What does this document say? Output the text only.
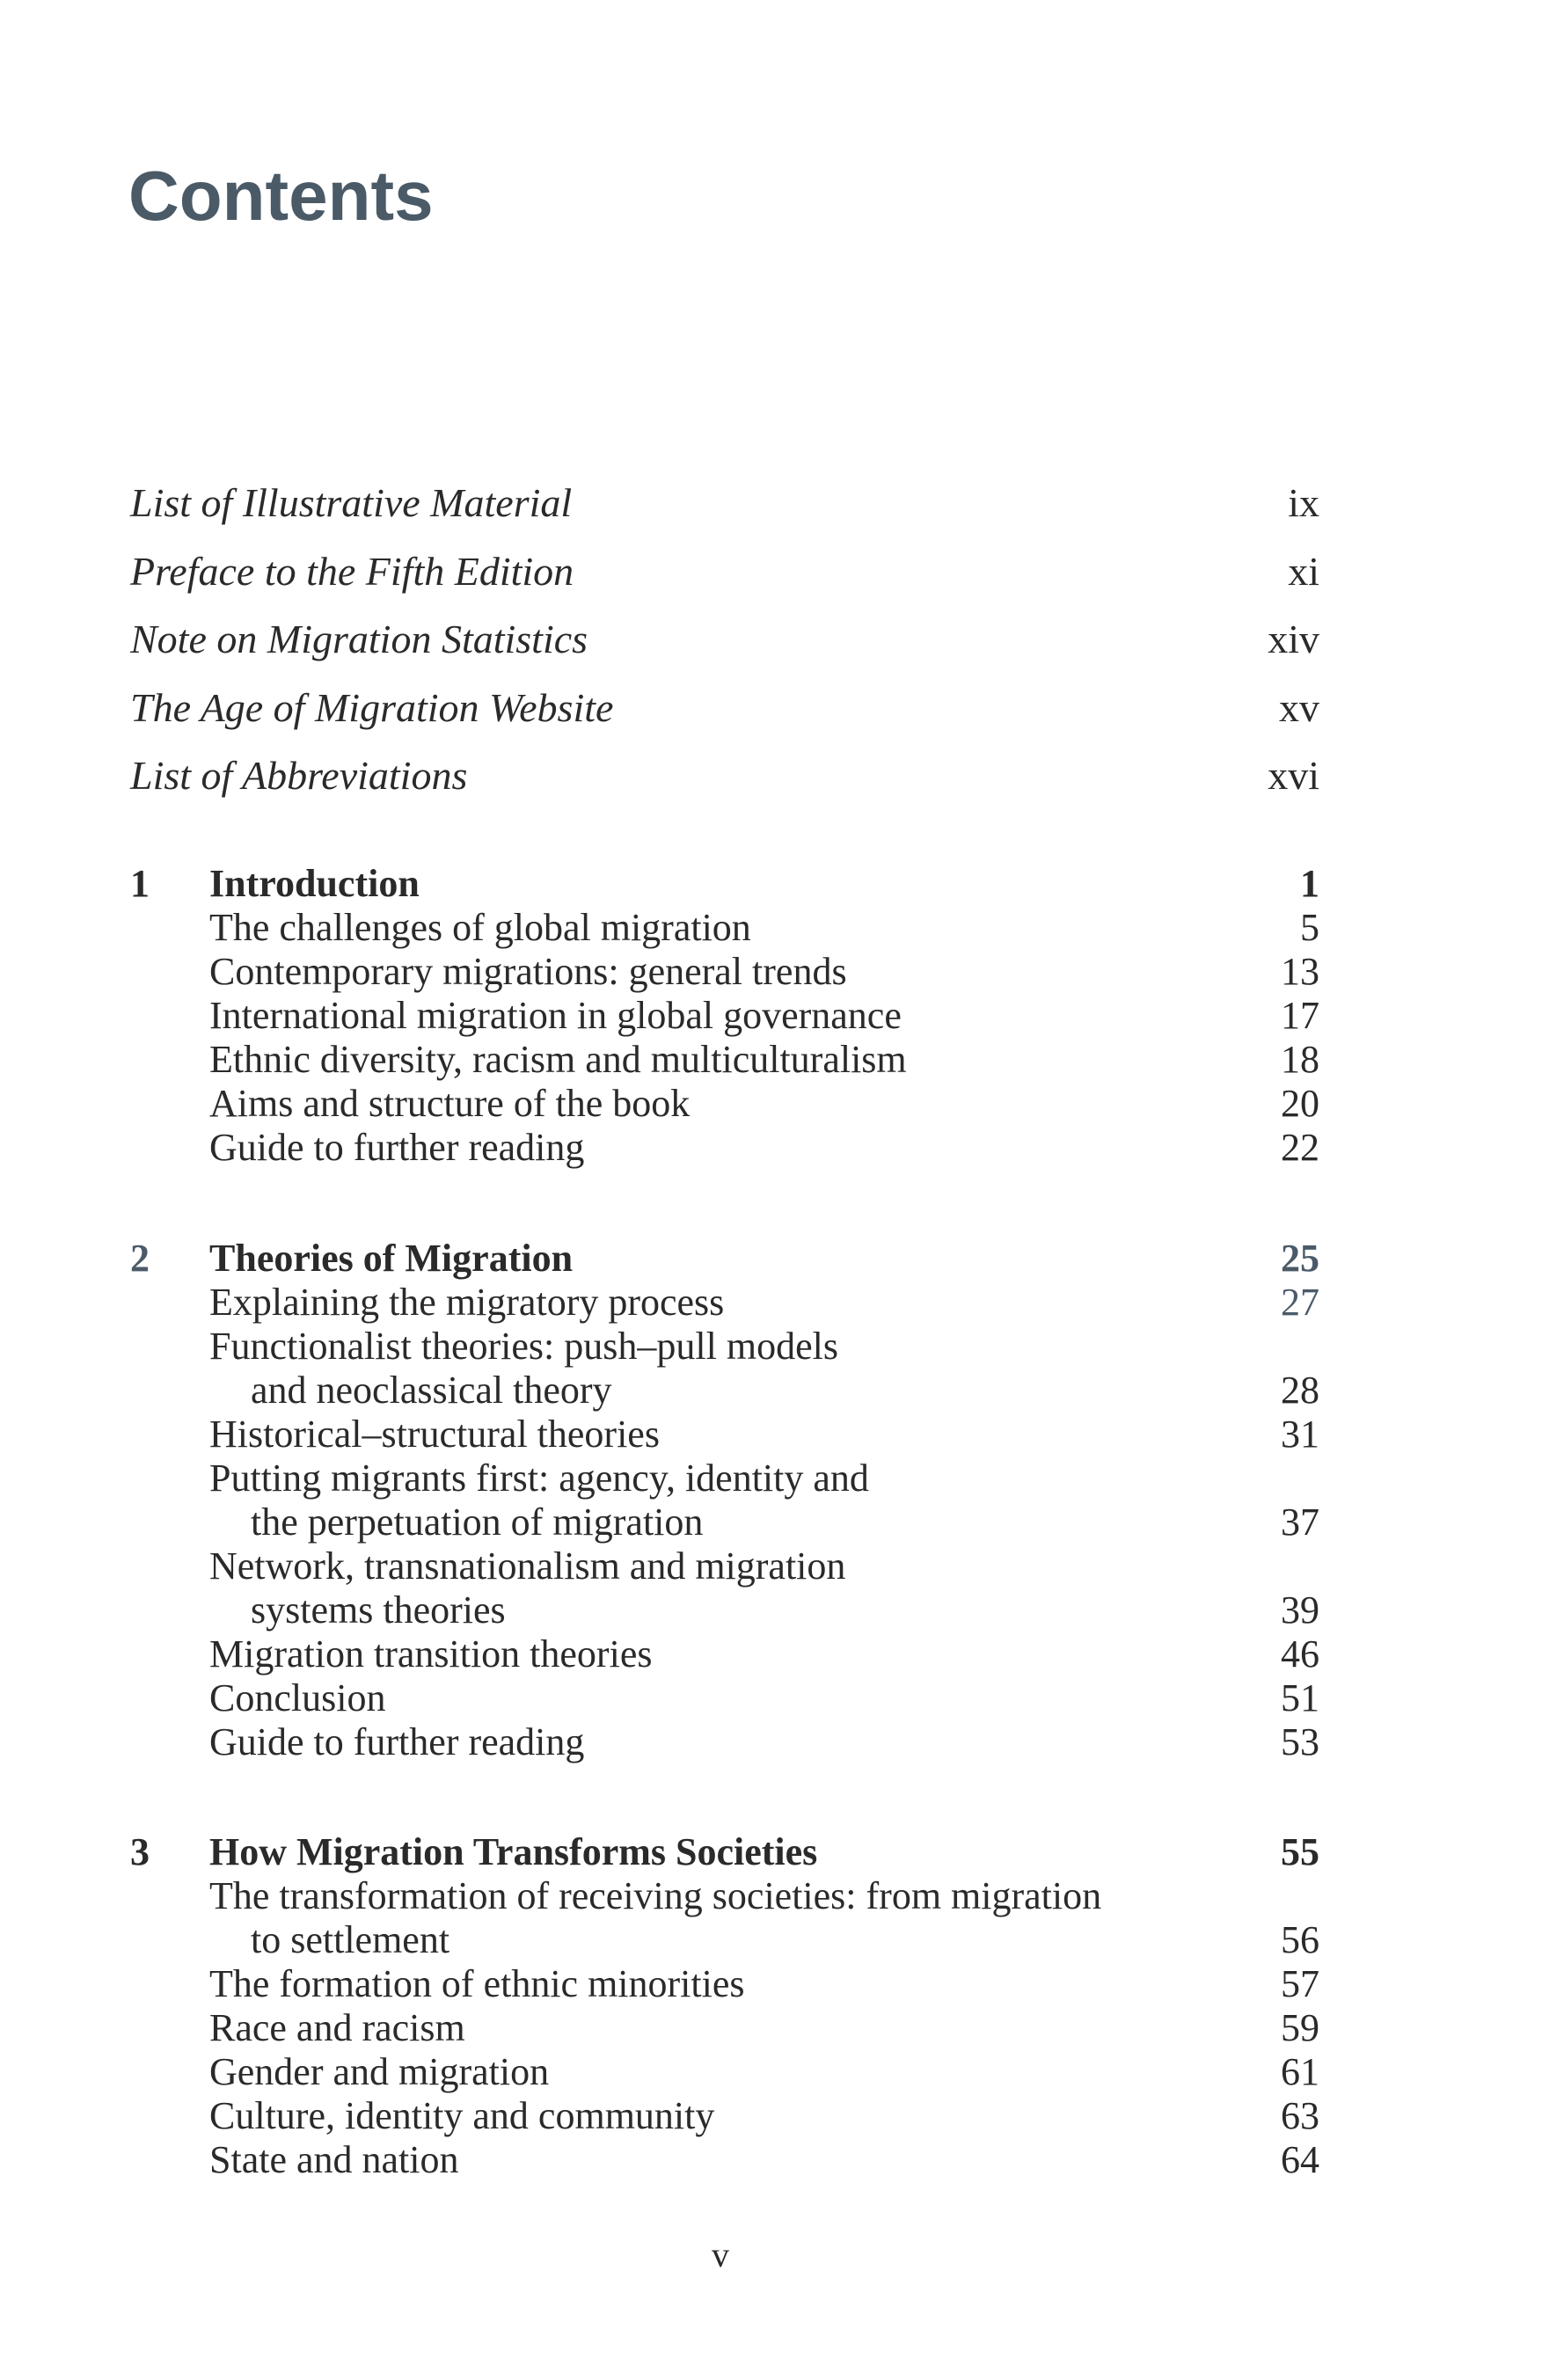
Contents
List of Illustrative Material	ix
Preface to the Fifth Edition	xi
Note on Migration Statistics	xiv
The Age of Migration Website	xv
List of Abbreviations	xvi
1 Introduction	1
The challenges of global migration	5
Contemporary migrations: general trends	13
International migration in global governance	17
Ethnic diversity, racism and multiculturalism	18
Aims and structure of the book	20
Guide to further reading	22
2 Theories of Migration	25
Explaining the migratory process	27
Functionalist theories: push–pull models
and neoclassical theory	28
Historical–structural theories	31
Putting migrants first: agency, identity and
the perpetuation of migration	37
Network, transnationalism and migration
systems theories	39
Migration transition theories	46
Conclusion	51
Guide to further reading	53
3 How Migration Transforms Societies	55
The transformation of receiving societies: from migration
to settlement	56
The formation of ethnic minorities	57
Race and racism	59
Gender and migration	61
Culture, identity and community	63
State and nation	64
v
